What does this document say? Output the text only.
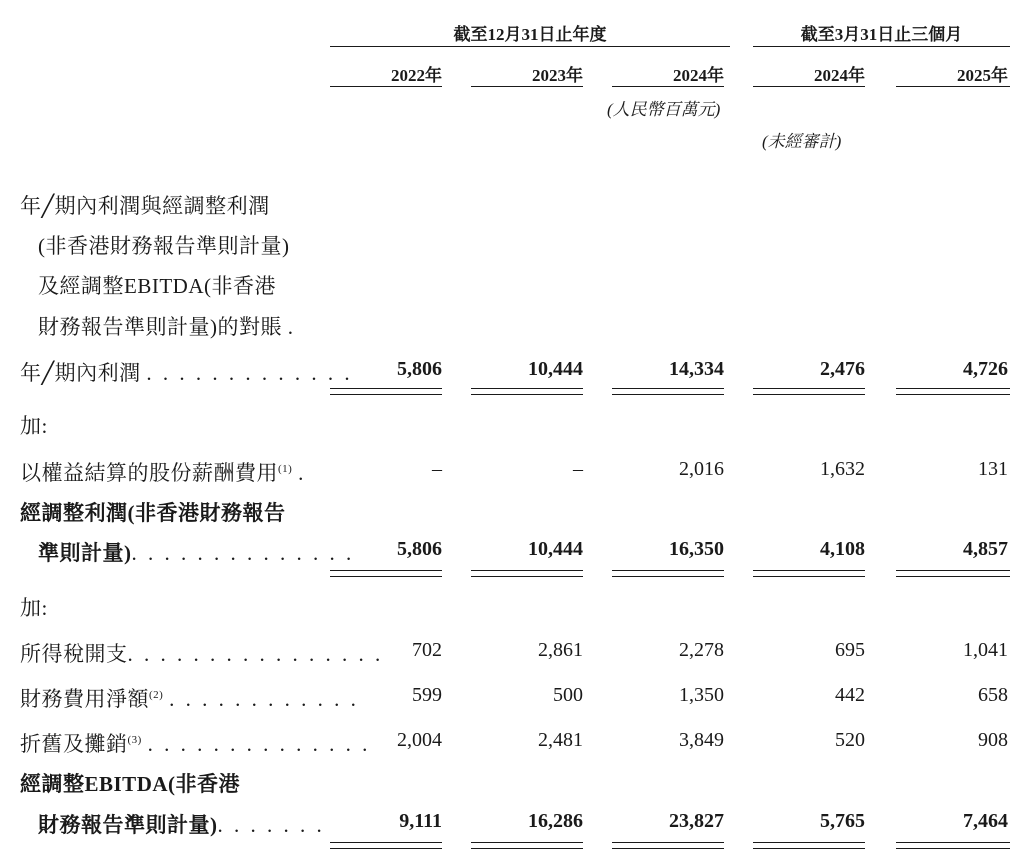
截至12月31日止年度	截至3月31日止三個月
2022年	2023年	2024年	2024年	2025年
(人民幣百萬元)
(未經審計)
年╱期內利潤與經調整利潤
(非香港財務報告準則計量)
及經調整EBITDA(非香港
財務報告準則計量)的對賬 .
年╱期內利潤 . . . . . . . . . . . . .	5,806	10,444	14,334	2,476	4,726
加:
以權益結算的股份薪酬費用$^{(1)}$ .	–	–	2,016	1,632	131
經調整利潤(非香港財務報告
準則計量). . . . . . . . . . . . . .	5,806	10,444	16,350	4,108	4,857
加:
所得稅開支. . . . . . . . . . . . . . . .	702	2,861	2,278	695	1,041
財務費用淨額$^{(2)}$ . . . . . . . . . . . .	599	500	1,350	442	658
折舊及攤銷$^{(3)}$ . . . . . . . . . . . . . .	2,004	2,481	3,849	520	908
經調整EBITDA(非香港
財務報告準則計量). . . . . . .	9,111	16,286	23,827	5,765	7,464
